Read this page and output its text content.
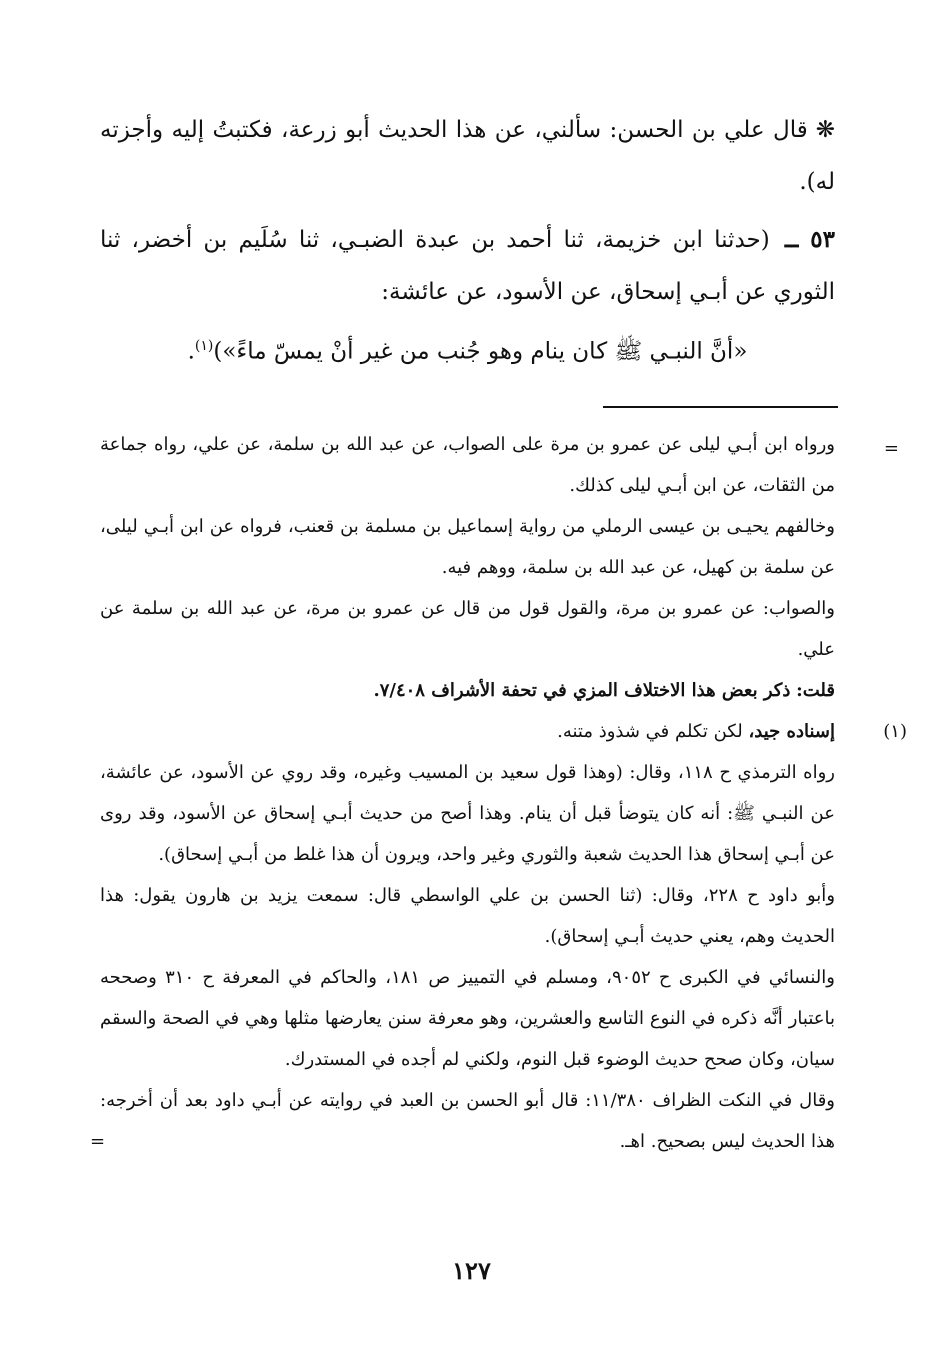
❋قال علي بن الحسن: سألني، عن هذا الحديث أبو زرعة، فكتبتُ إليه وأجزته له).

٥٣ ــ (حدثنا ابن خزيمة، ثنا أحمد بن عبدة الضبـي، ثنا سُلَيم بن أخضر، ثنا الثوري عن أبـي إسحاق، عن الأسود، عن عائشة:

«أنَّ النبـي ﷺ كان ينام وهو جُنب من غير أنْ يمسّ ماءً»)$^{(١)}$.

=

ورواه ابن أبـي ليلى عن عمرو بن مرة على الصواب، عن عبد الله بن سلمة، عن علي، رواه جماعة من الثقات، عن ابن أبـي ليلى كذلك.

وخالفهم يحيـى بن عيسى الرملي من رواية إسماعيل بن مسلمة بن قعنب، فرواه عن ابن أبـي ليلى، عن سلمة بن كهيل، عن عبد الله بن سلمة، ووهم فيه.

والصواب: عن عمرو بن مرة، والقول قول من قال عن عمرو بن مرة، عن عبد الله بن سلمة عن علي.

قلت: ذكر بعض هذا الاختلاف المزي في تحفة الأشراف ٧/٤٠٨.

(١)
إسناده جيد، لكن تكلم في شذوذ متنه.

رواه الترمذي ح ١١٨، وقال: (وهذا قول سعيد بن المسيب وغيره، وقد روي عن الأسود، عن عائشة، عن النبـي ﷺ: أنه كان يتوضأ قبل أن ينام. وهذا أصح من حديث أبـي إسحاق عن الأسود، وقد روى عن أبـي إسحاق هذا الحديث شعبة والثوري وغير واحد، ويرون أن هذا غلط من أبـي إسحاق).

وأبو داود ح ٢٢٨، وقال: (ثنا الحسن بن علي الواسطي قال: سمعت يزيد بن هارون يقول: هذا الحديث وهم، يعني حديث أبـي إسحاق).

والنسائي في الكبرى ح ٩٠٥٢، ومسلم في التمييز ص ١٨١، والحاكم في المعرفة ح ٣١٠ وصححه باعتبار أنَّه ذكره في النوع التاسع والعشرين، وهو معرفة سنن يعارضها مثلها وهي في الصحة والسقم سيان، وكان صحح حديث الوضوء قبل النوم، ولكني لم أجده في المستدرك.

وقال في النكت الظراف ١١/٣٨٠: قال أبو الحسن بن العبد في روايته عن أبـي داود بعد أن أخرجه: هذا الحديث ليس بصحيح. اهـ.
=

١٢٧
